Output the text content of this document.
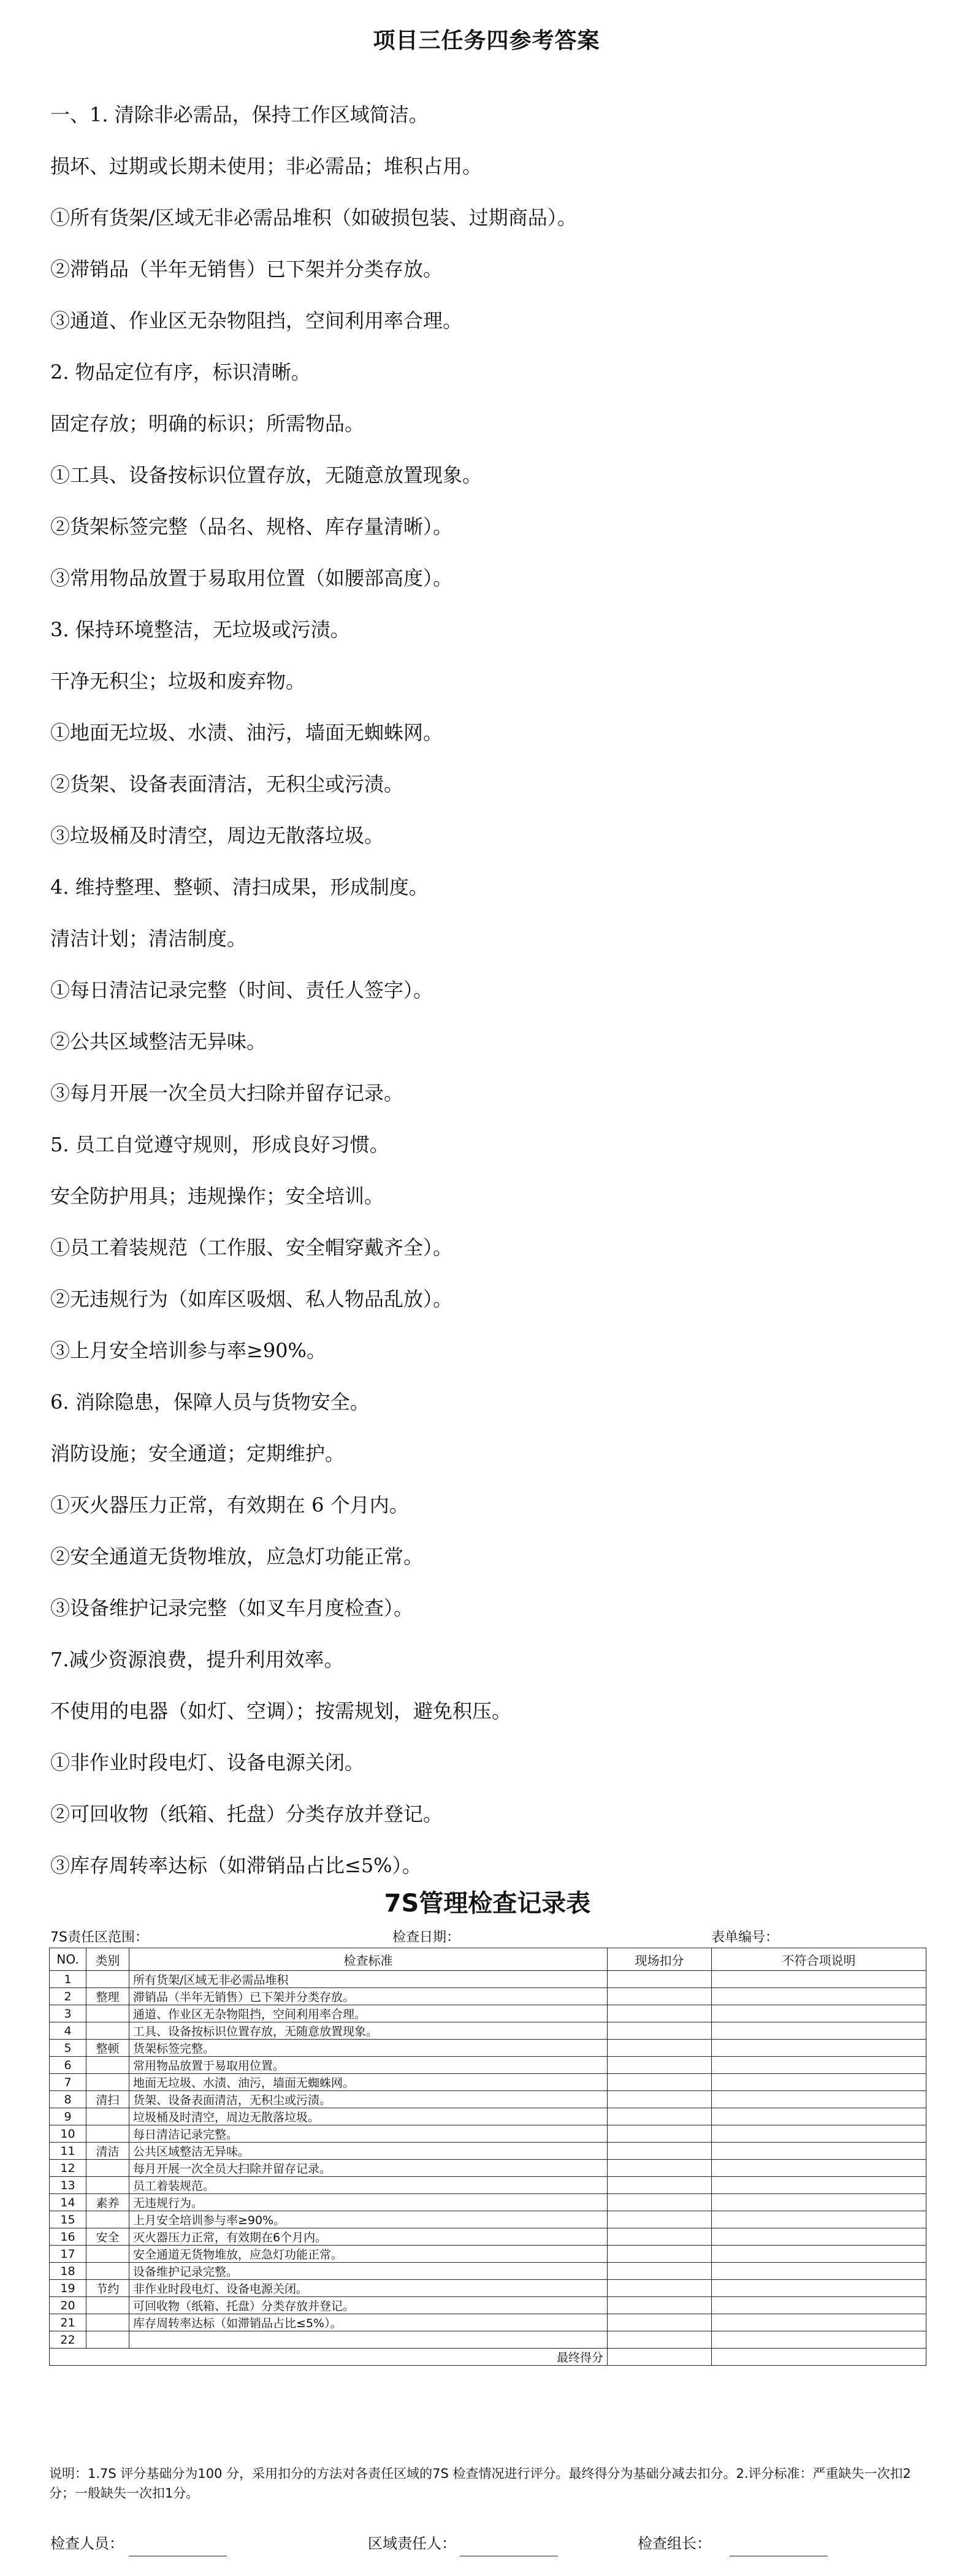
项目三任务四参考答案
一、1. 清除非必需品，保持工作区域简洁。
损坏、过期或长期未使用；非必需品；堆积占用。
①所有货架/区域无非必需品堆积（如破损包装、过期商品）。
②滞销品（半年无销售）已下架并分类存放。
③通道、作业区无杂物阻挡，空间利用率合理。
2. 物品定位有序，标识清晰。
固定存放；明确的标识；所需物品。
①工具、设备按标识位置存放，无随意放置现象。
②货架标签完整（品名、规格、库存量清晰）。
③常用物品放置于易取用位置（如腰部高度）。
3. 保持环境整洁，无垃圾或污渍。
干净无积尘；垃圾和废弃物。
①地面无垃圾、水渍、油污，墙面无蜘蛛网。
②货架、设备表面清洁，无积尘或污渍。
③垃圾桶及时清空，周边无散落垃圾。
4. 维持整理、整顿、清扫成果，形成制度。
清洁计划；清洁制度。
①每日清洁记录完整（时间、责任人签字）。
②公共区域整洁无异味。
③每月开展一次全员大扫除并留存记录。
5. 员工自觉遵守规则，形成良好习惯。
安全防护用具；违规操作；安全培训。
①员工着装规范（工作服、安全帽穿戴齐全）。
②无违规行为（如库区吸烟、私人物品乱放）。
③上月安全培训参与率≥90%。
6. 消除隐患，保障人员与货物安全。
消防设施；安全通道；定期维护。
①灭火器压力正常，有效期在 6 个月内。
②安全通道无货物堆放，应急灯功能正常。
③设备维护记录完整（如叉车月度检查）。
7.减少资源浪费，提升利用效率。
不使用的电器（如灯、空调）；按需规划，避免积压。
①非作业时段电灯、设备电源关闭。
②可回收物（纸箱、托盘）分类存放并登记。
③库存周转率达标（如滞销品占比≤5%）。
7S管理检查记录表
7S责任区范围：	检查日期：	表单编号：
NO.	类别	检查标准	现场扣分	不符合项说明
1		所有货架/区域无非必需品堆积		
2	整理	滞销品（半年无销售）已下架并分类存放。		
3		通道、作业区无杂物阻挡，空间利用率合理。		
4		工具、设备按标识位置存放，无随意放置现象。		
5	整顿	货架标签完整。		
6		常用物品放置于易取用位置。		
7		地面无垃圾、水渍、油污，墙面无蜘蛛网。		
8	清扫	货架、设备表面清洁，无积尘或污渍。		
9		垃圾桶及时清空，周边无散落垃圾。		
10		每日清洁记录完整。		
11	清洁	公共区域整洁无异味。		
12		每月开展一次全员大扫除并留存记录。		
13		员工着装规范。		
14	素养	无违规行为。		
15		上月安全培训参与率≥90%。		
16	安全	灭火器压力正常，有效期在6个月内。		
17		安全通道无货物堆放，应急灯功能正常。		
18		设备维护记录完整。		
19	节约	非作业时段电灯、设备电源关闭。		
20		可回收物（纸箱、托盘）分类存放并登记。		
21		库存周转率达标（如滞销品占比≤5%）。		
22				
最终得分				
说明：1.7S 评分基础分为100 分，采用扣分的方法对各责任区域的7S 检查情况进行评分。最终得分为基础分减去扣分。2.评分标准：严重缺失一次扣2分；一般缺失一次扣1分。
检查人员：	区域责任人：	检查组长：
